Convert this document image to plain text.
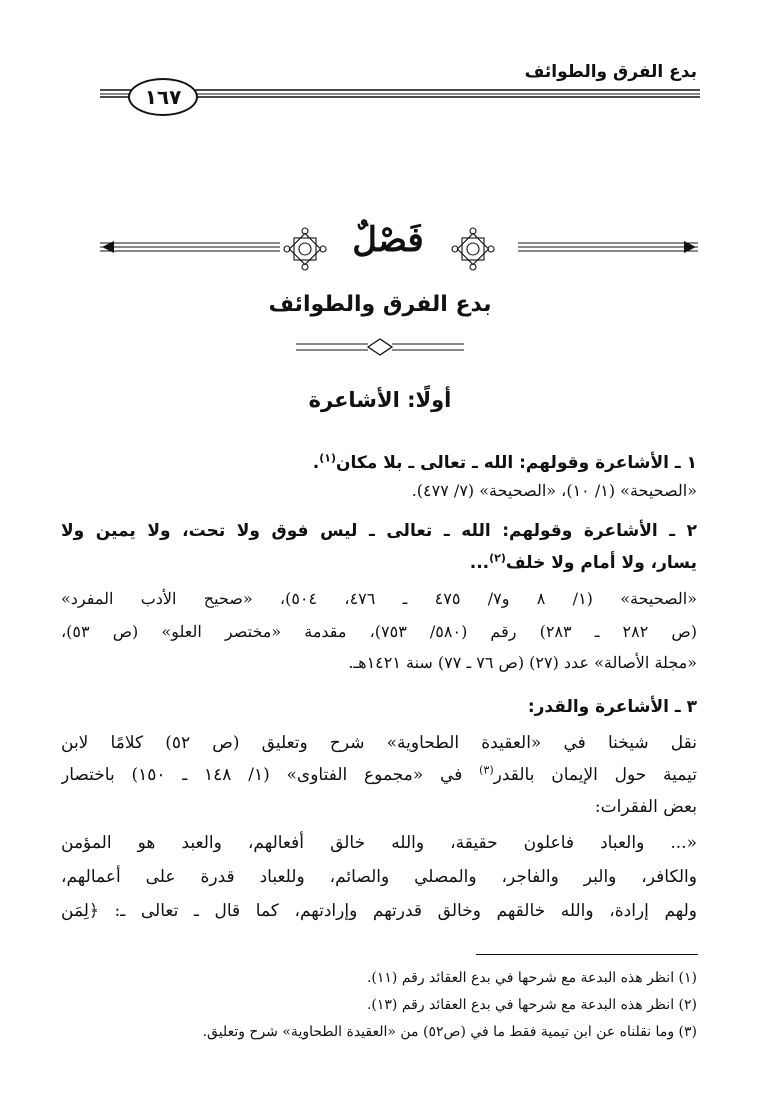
بدع الفرق والطوائف
١٦٧
فَصْلٌ
بدع الفرق والطوائف
أولًا: الأشاعرة
١ ـ الأشاعرة وقولهم: الله ـ تعالى ـ بلا مكان$^{(١)}$.
«الصحيحة» (١/ ١٠)، «الصحيحة» (٧/ ٤٧٧).
٢ ـ الأشاعرة وقولهم: الله ـ تعالى ـ ليس فوق ولا تحت، ولا يمين ولا
يسار، ولا أمام ولا خلف$^{(٢)}$...
«الصحيحة» (١/ ٨ و٧/ ٤٧٥ ـ ٤٧٦، ٥٠٤)، «صحيح الأدب المفرد»
(ص ٢٨٢ ـ ٢٨٣) رقم (٥٨٠/ ٧٥٣)، مقدمة «مختصر العلو» (ص ٥٣)،
«مجلة الأصالة» عدد (٢٧) (ص ٧٦ ـ ٧٧) سنة ١٤٢١هـ.
٣ ـ الأشاعرة والقدر:
نقل شيخنا في «العقيدة الطحاوية» شرح وتعليق (ص ٥٢) كلامًا لابن
تيمية حول الإيمان بالقدر$^{(٣)}$ في «مجموع الفتاوى» (١/ ١٤٨ ـ ١٥٠) باختصار
بعض الفقرات:
«... والعباد فاعلون حقيقة، والله خالق أفعالهم، والعبد هو المؤمن
والكافر، والبر والفاجر، والمصلي والصائم، وللعباد قدرة على أعمالهم،
ولهم إرادة، والله خالقهم وخالق قدرتهم وإرادتهم، كما قال ـ تعالى ـ: ﴿لِمَن
(١) انظر هذه البدعة مع شرحها في بدع العقائد رقم (١١).
(٢) انظر هذه البدعة مع شرحها في بدع العقائد رقم (١٣).
(٣) وما نقلناه عن ابن تيمية فقط ما في (ص٥٢) من «العقيدة الطحاوية» شرح وتعليق.
